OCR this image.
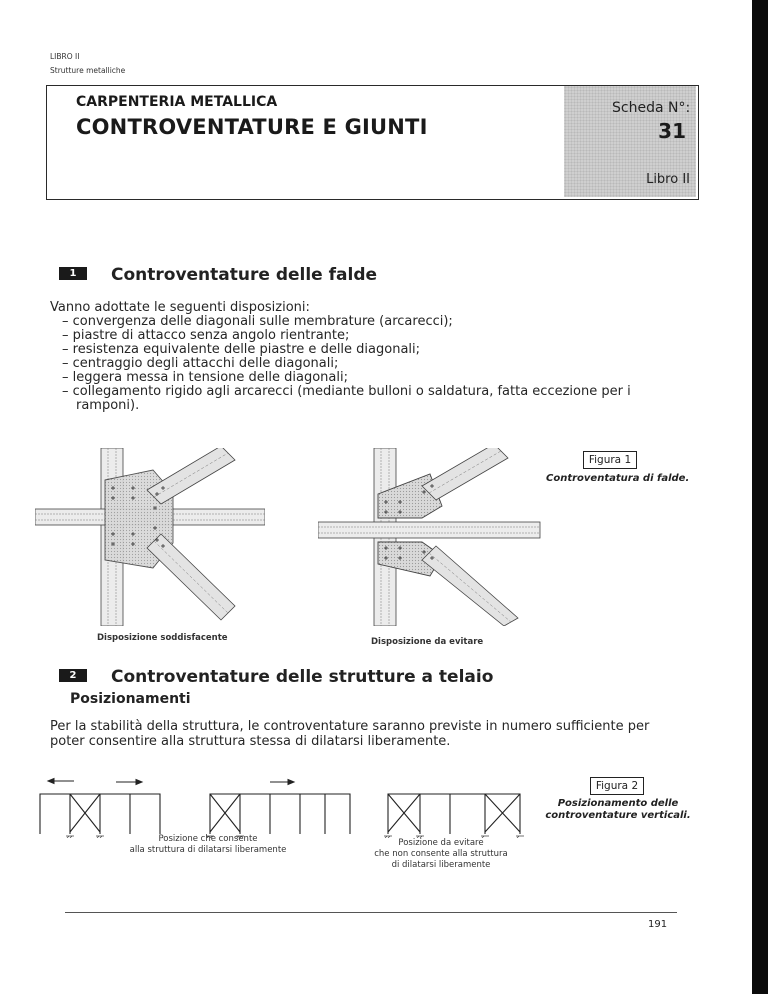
LIBRO II
Strutture metalliche
CARPENTERIA METALLICA
CONTROVENTATURE E GIUNTI
Scheda N°:
31
Libro II
1	Controventature delle falde
Vanno adottate le seguenti disposizioni:
– convergenza delle diagonali sulle membrature (arcarecci);
– piastre di attacco senza angolo rientrante;
– resistenza equivalente delle piastre e delle diagonali;
– centraggio degli attacchi delle diagonali;
– leggera messa in tensione delle diagonali;
– collegamento rigido agli arcarecci (mediante bulloni o saldatura, fatta eccezione per i
ramponi).
Figura 1
Controventatura di falde.
Disposizione soddisfacente	Disposizione da evitare
2	Controventature delle strutture a telaio
Posizionamenti
Per la stabilità della struttura, le controventature saranno previste in numero sufficiente per
poter consentire alla struttura stessa di dilatarsi liberamente.
Figura 2
Posizionamento delle
controventature verticali.
Posizione che consente
alla struttura di dilatarsi liberamente
Posizione da evitare
che non consente alla struttura
di dilatarsi liberamente
191
